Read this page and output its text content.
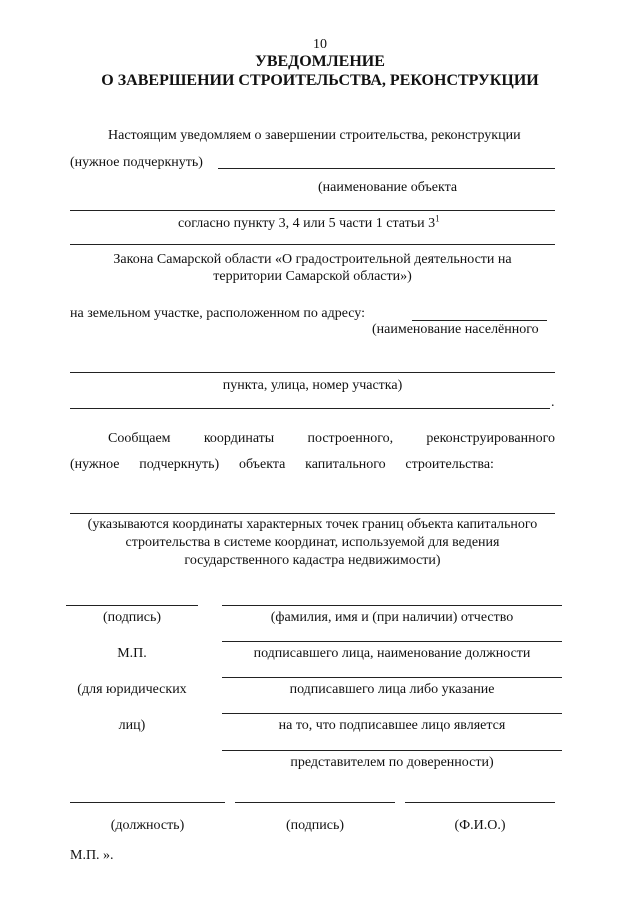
10
УВЕДОМЛЕНИЕ
О ЗАВЕРШЕНИИ СТРОИТЕЛЬСТВА, РЕКОНСТРУКЦИИ
Настоящим уведомляем о завершении строительства, реконструкции
(нужное подчеркнуть)
(наименование объекта
согласно пункту 3, 4 или 5 части 1 статьи $3^1$
Закона Самарской области «О градостроительной деятельности на
территории Самарской области»)
на земельном участке, расположенном по адресу:
(наименование населённого
пункта, улица, номер участка)
.
Сообщаем координаты построенного, реконструированного
(нужное подчеркнуть) объекта капитального строительства:
(указываются координаты характерных точек границ объекта капитального
строительства в системе координат, используемой для ведения
государственного кадастра недвижимости)
(подпись)	(фамилия, имя и (при наличии) отчество
М.П.	подписавшего лица, наименование должности
(для юридических	подписавшего лица либо указание
лиц)	на то, что подписавшее лицо является
представителем по доверенности)
(должность)	(подпись)	(Ф.И.О.)
М.П. ».
